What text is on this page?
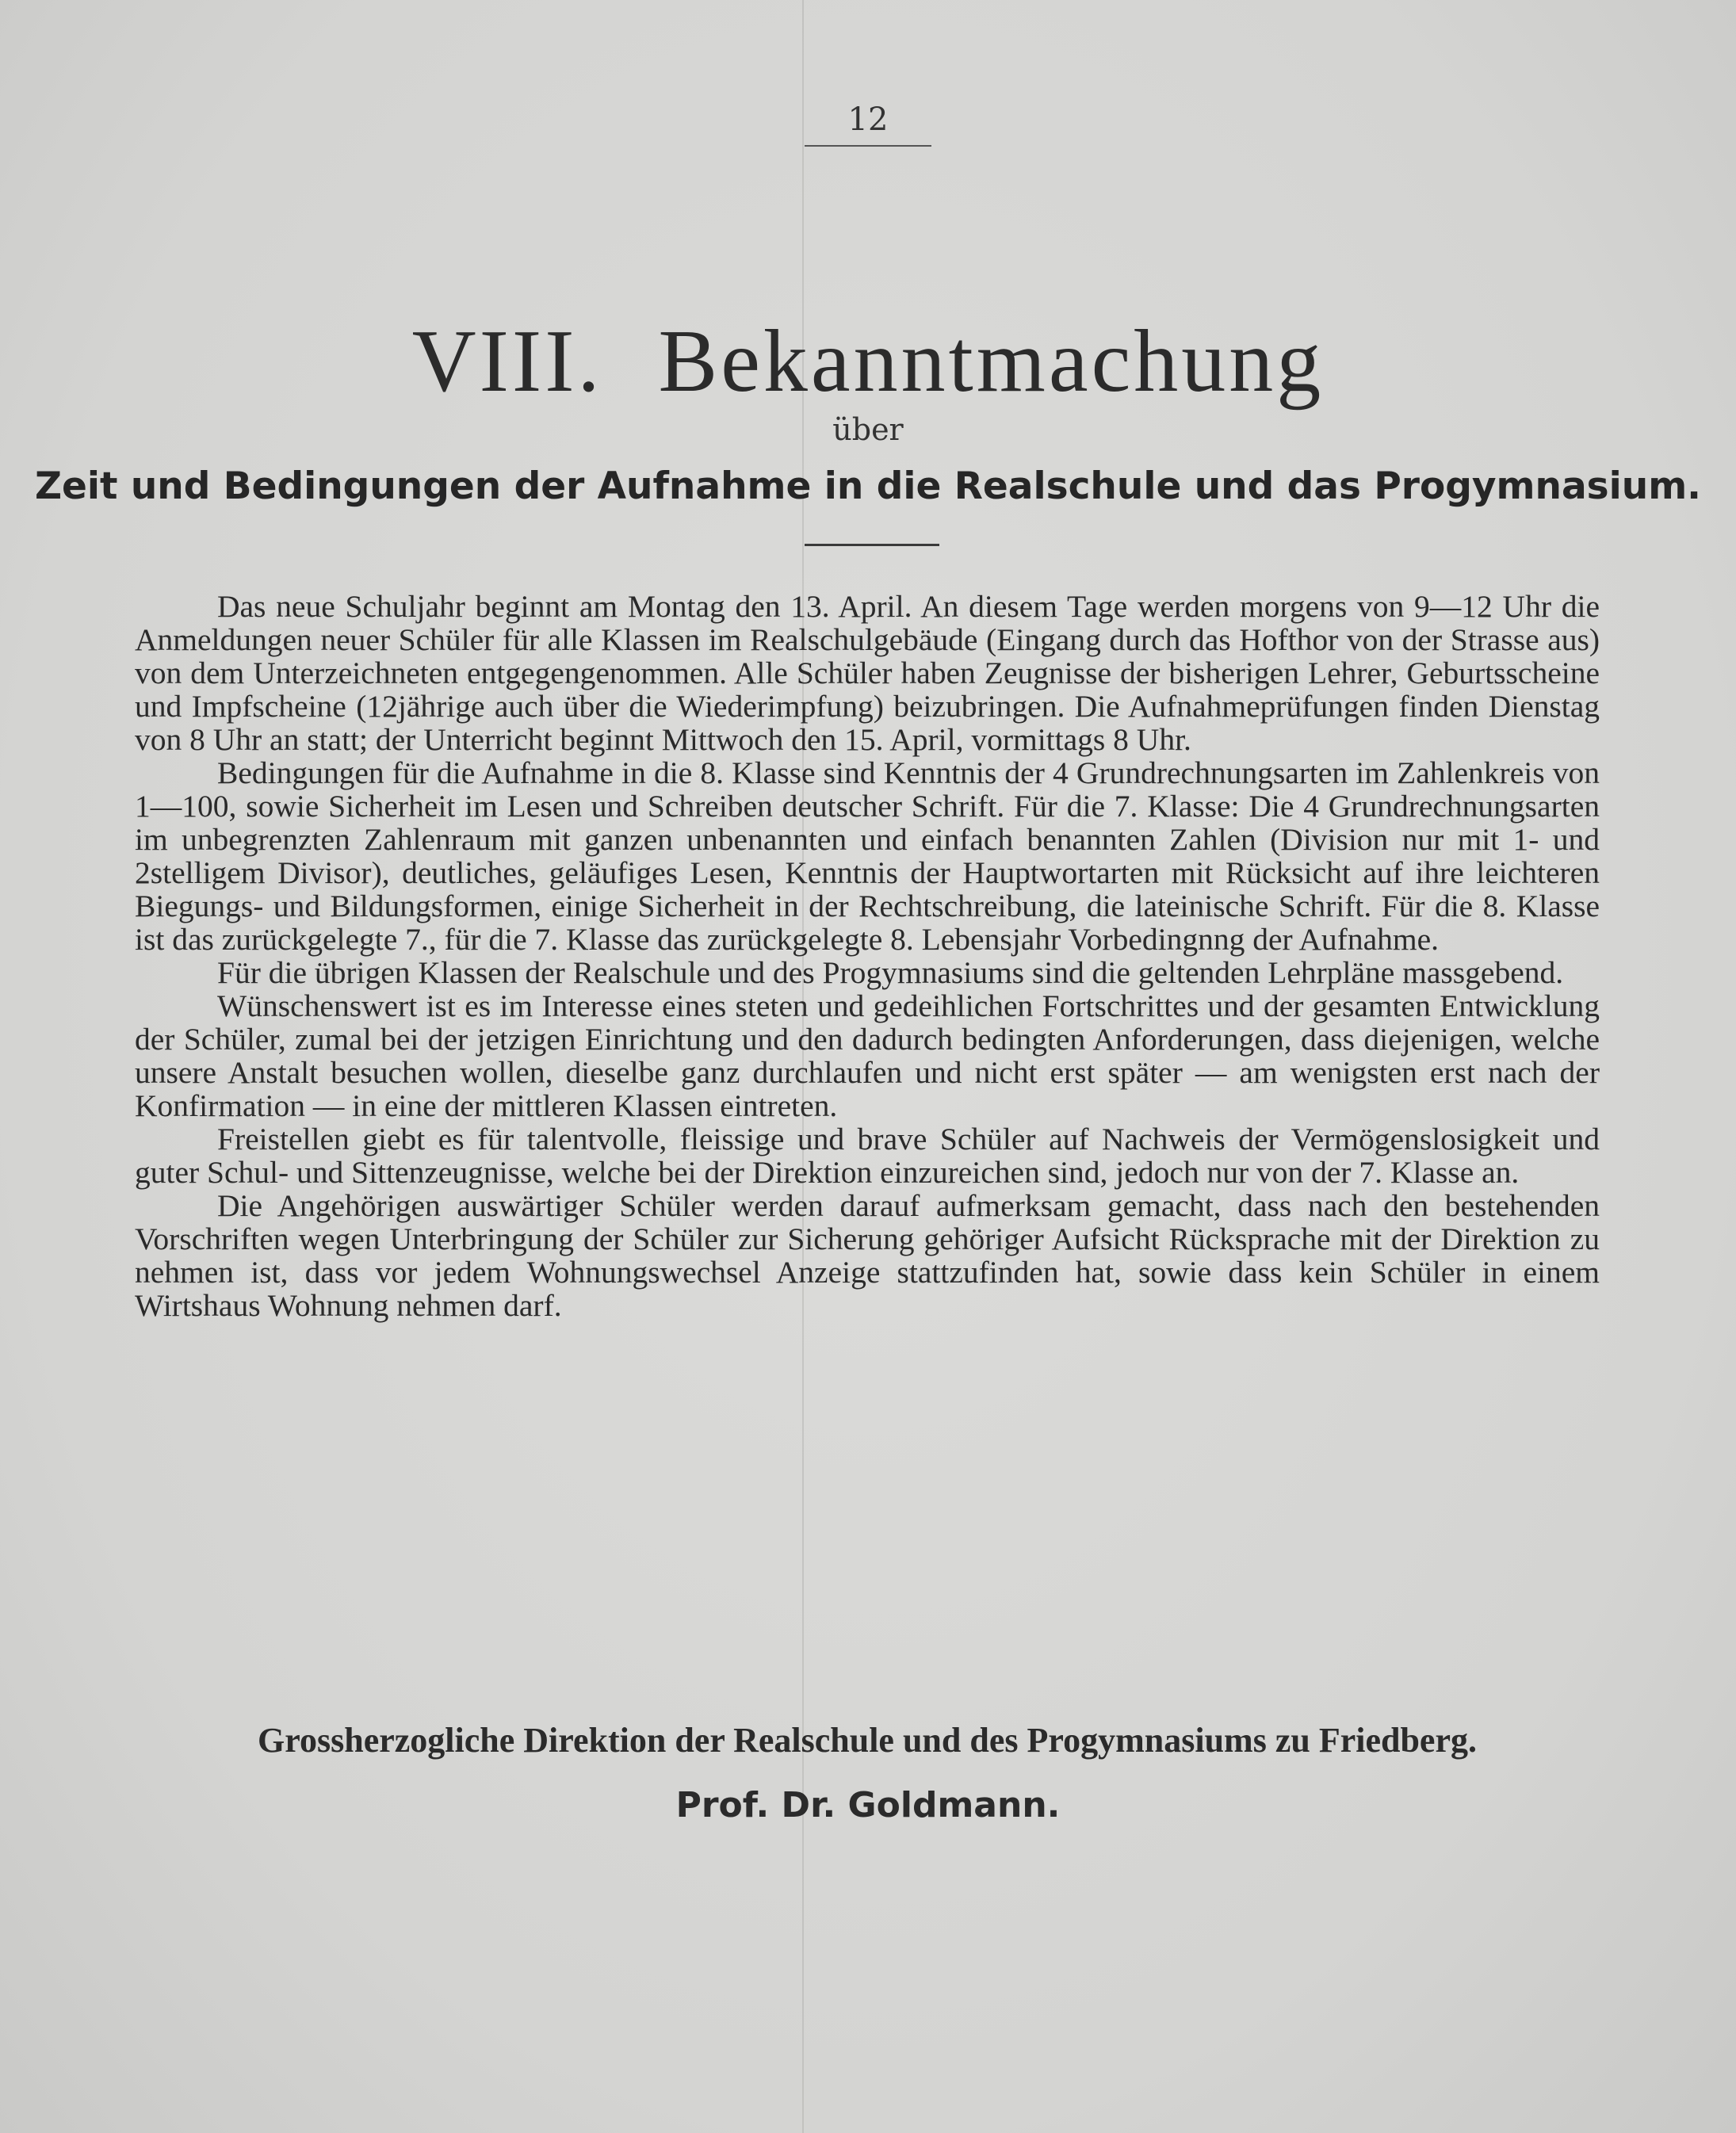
12
VIII. Bekanntmachung
über
Zeit und Bedingungen der Aufnahme in die Realschule und das Progymnasium.

Das neue Schuljahr beginnt am Montag den 13. April. An diesem Tage werden morgens von 9—12 Uhr die Anmeldungen neuer Schüler für alle Klassen im Realschulgebäude (Eingang durch das Hofthor von der Strasse aus) von dem Unterzeichneten entgegengenommen. Alle Schüler haben Zeugnisse der bisherigen Lehrer, Geburtsscheine und Impfscheine (12jährige auch über die Wiederimpfung) beizubringen. Die Aufnahmeprüfungen finden Dienstag von 8 Uhr an statt; der Unterricht beginnt Mittwoch den 15. April, vormittags 8 Uhr.

Bedingungen für die Aufnahme in die 8. Klasse sind Kenntnis der 4 Grundrechnungsarten im Zahlenkreis von 1—100, sowie Sicherheit im Lesen und Schreiben deutscher Schrift. Für die 7. Klasse: Die 4 Grundrechnungsarten im unbegrenzten Zahlenraum mit ganzen unbenannten und einfach benannten Zahlen (Division nur mit 1- und 2stelligem Divisor), deutliches, geläufiges Lesen, Kenntnis der Hauptwortarten mit Rücksicht auf ihre leichteren Biegungs- und Bildungsformen, einige Sicherheit in der Rechtschreibung, die lateinische Schrift. Für die 8. Klasse ist das zurückgelegte 7., für die 7. Klasse das zurückgelegte 8. Lebensjahr Vorbedingnng der Aufnahme.

Für die übrigen Klassen der Realschule und des Progymnasiums sind die geltenden Lehrpläne massgebend.

Wünschenswert ist es im Interesse eines steten und gedeihlichen Fortschrittes und der gesamten Entwicklung der Schüler, zumal bei der jetzigen Einrichtung und den dadurch bedingten Anforderungen, dass diejenigen, welche unsere Anstalt besuchen wollen, dieselbe ganz durchlaufen und nicht erst später — am wenigsten erst nach der Konfirmation — in eine der mittleren Klassen eintreten.

Freistellen giebt es für talentvolle, fleissige und brave Schüler auf Nachweis der Vermögenslosigkeit und guter Schul- und Sittenzeugnisse, welche bei der Direktion einzureichen sind, jedoch nur von der 7. Klasse an.

Die Angehörigen auswärtiger Schüler werden darauf aufmerksam gemacht, dass nach den bestehenden Vorschriften wegen Unterbringung der Schüler zur Sicherung gehöriger Aufsicht Rücksprache mit der Direktion zu nehmen ist, dass vor jedem Wohnungswechsel Anzeige stattzufinden hat, sowie dass kein Schüler in einem Wirtshaus Wohnung nehmen darf.

Grossherzogliche Direktion der Realschule und des Progymnasiums zu Friedberg.
Prof. Dr. Goldmann.
